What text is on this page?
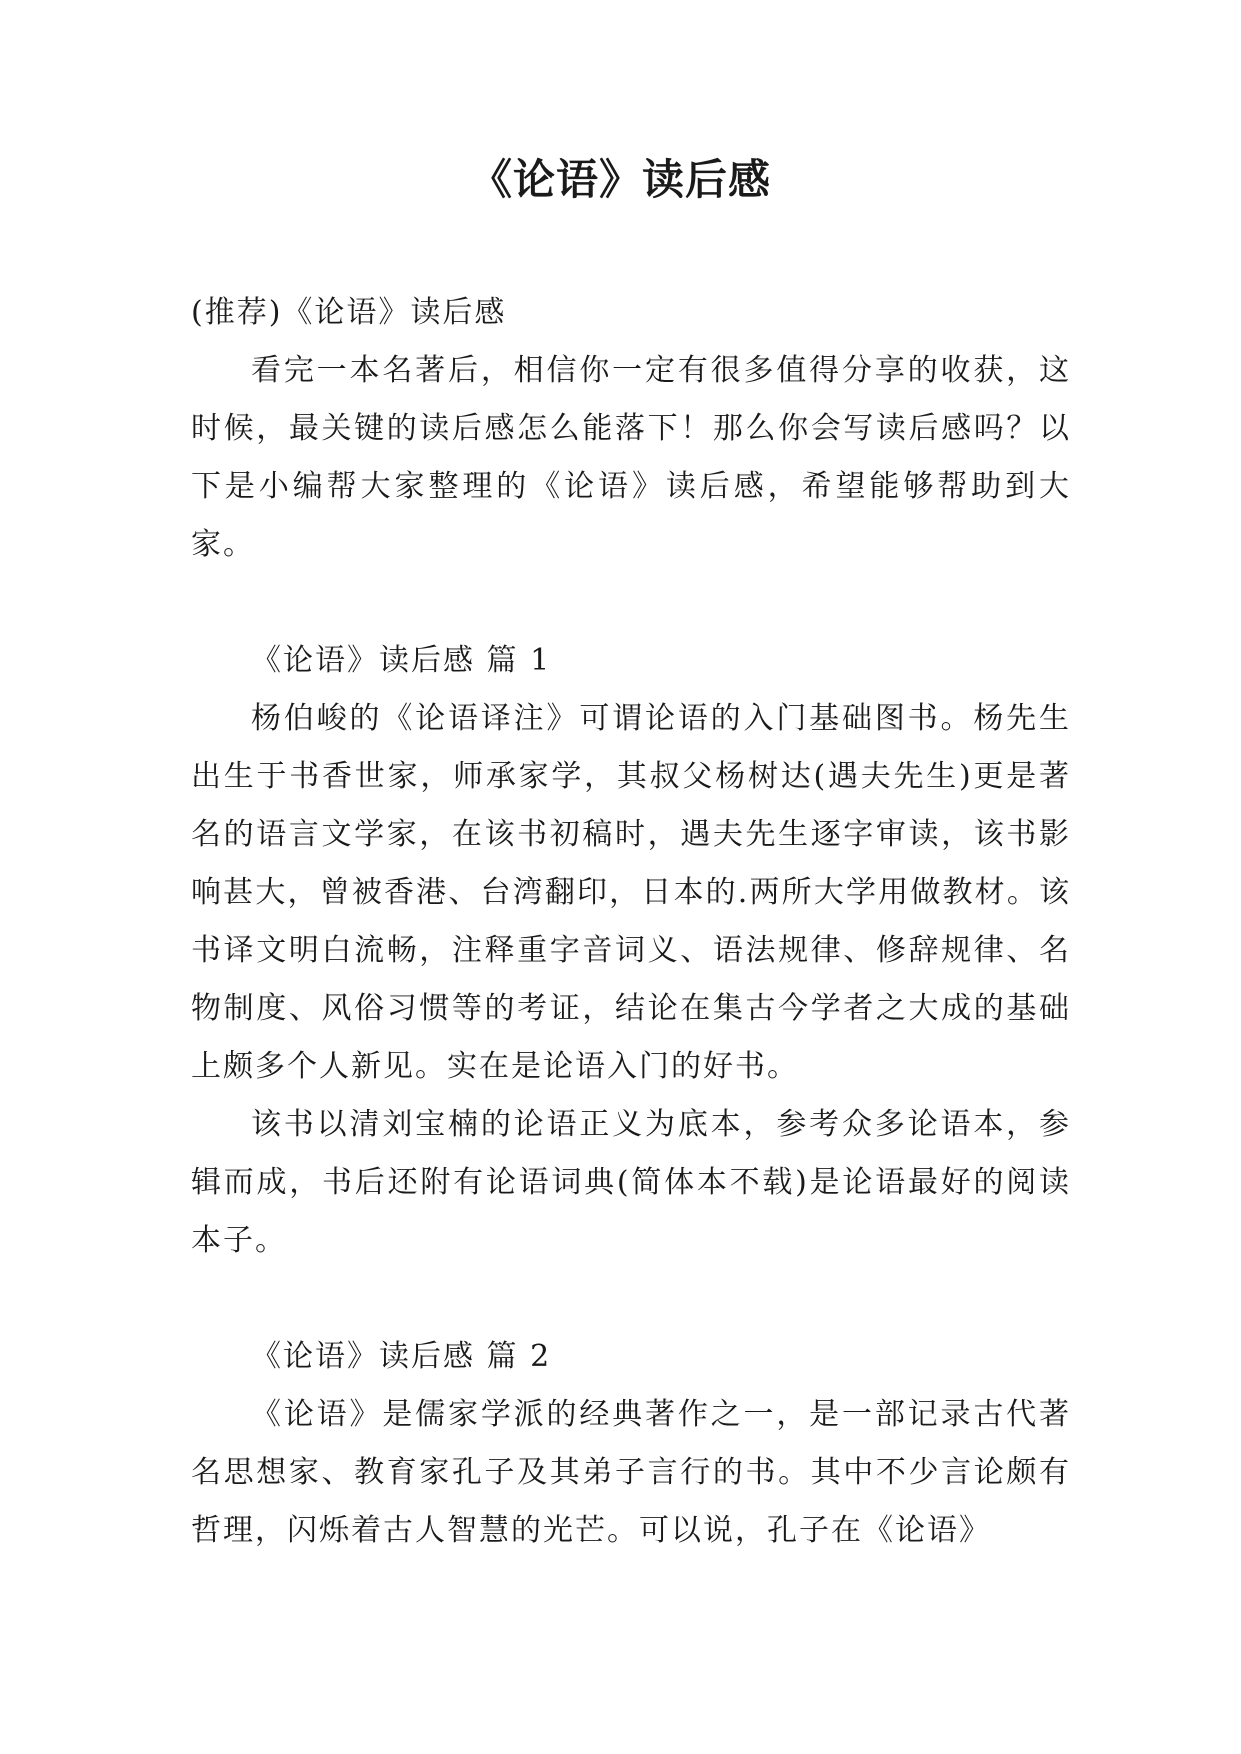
《论语》读后感

(推荐)《论语》读后感

看完一本名著后，相信你一定有很多值得分享的收获，这时候，最关键的读后感怎么能落下！那么你会写读后感吗？以下是小编帮大家整理的《论语》读后感，希望能够帮助到大家。

《论语》读后感 篇 1

杨伯峻的《论语译注》可谓论语的入门基础图书。杨先生出生于书香世家，师承家学，其叔父杨树达(遇夫先生)更是著名的语言文学家，在该书初稿时，遇夫先生逐字审读，该书影响甚大，曾被香港、台湾翻印，日本的.两所大学用做教材。该书译文明白流畅，注释重字音词义、语法规律、修辞规律、名物制度、风俗习惯等的考证，结论在集古今学者之大成的基础上颇多个人新见。实在是论语入门的好书。

该书以清刘宝楠的论语正义为底本，参考众多论语本，参辑而成，书后还附有论语词典(简体本不载)是论语最好的阅读本子。

《论语》读后感 篇 2

《论语》是儒家学派的经典著作之一，是一部记录古代著名思想家、教育家孔子及其弟子言行的书。其中不少言论颇有哲理，闪烁着古人智慧的光芒。可以说，孔子在《论语》
